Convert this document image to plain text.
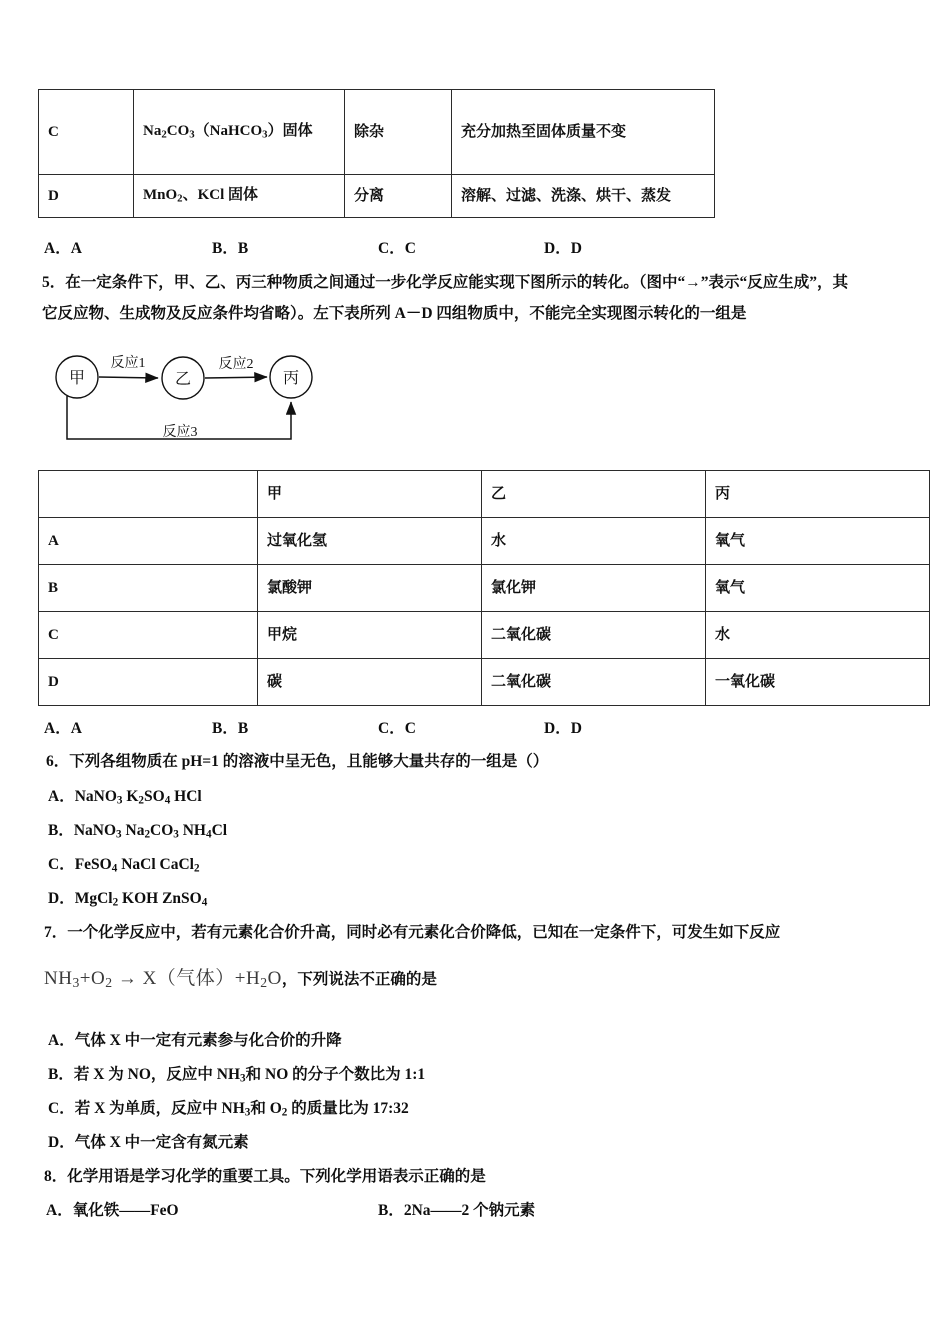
C	$Na_2CO_3(NaHCO_3)$固体	除杂	充分加热至固体质量不变
D	MnO$_2$、KCl 固体	分离	溶解、过滤、洗涤、烘干、蒸发
A．A	B．B	C．C	D．D
5．在一定条件下，甲、乙、丙三种物质之间通过一步化学反应能实现下图所示的转化。（图中“→”表示“反应生成”，其
它反应物、生成物及反应条件均省略）。左下表所列 A－D 四组物质中，不能完全实现图示转化的一组是
甲	乙	丙
反应1	反应2
反应3
	甲	乙	丙
A	过氧化氢	水	氧气
B	氯酸钾	氯化钾	氧气
C	甲烷	二氧化碳	水
D	碳	二氧化碳	一氧化碳
A．A	B．B	C．C	D．D
6．下列各组物质在 pH=1 的溶液中呈无色，且能够大量共存的一组是（）
A．NaNO$_3$ $K_2SO_4$ HCl
B．NaNO$_3$ $Na_2CO_3$ $NH_4Cl$
C．FeSO$_4$ NaCl CaCl$_2$
D．MgCl$_2$ KOH ZnSO$_4$
7．一个化学反应中，若有元素化合价升高，同时必有元素化合价降低，已知在一定条件下，可发生如下反应
$NH_3+O_2 \to X$（气体）$+H_2O$，下列说法不正确的是
A．气体 X 中一定有元素参与化合价的升降
B．若 X 为 NO，反应中 $NH_3$和 NO 的分子个数比为 1:1
C．若 X 为单质，反应中 $NH_3$和 $O_2$ 的质量比为 17:32
D．气体 X 中一定含有氮元素
8．化学用语是学习化学的重要工具。下列化学用语表示正确的是
A．氧化铁——FeO	B．2Na——2 个钠元素
